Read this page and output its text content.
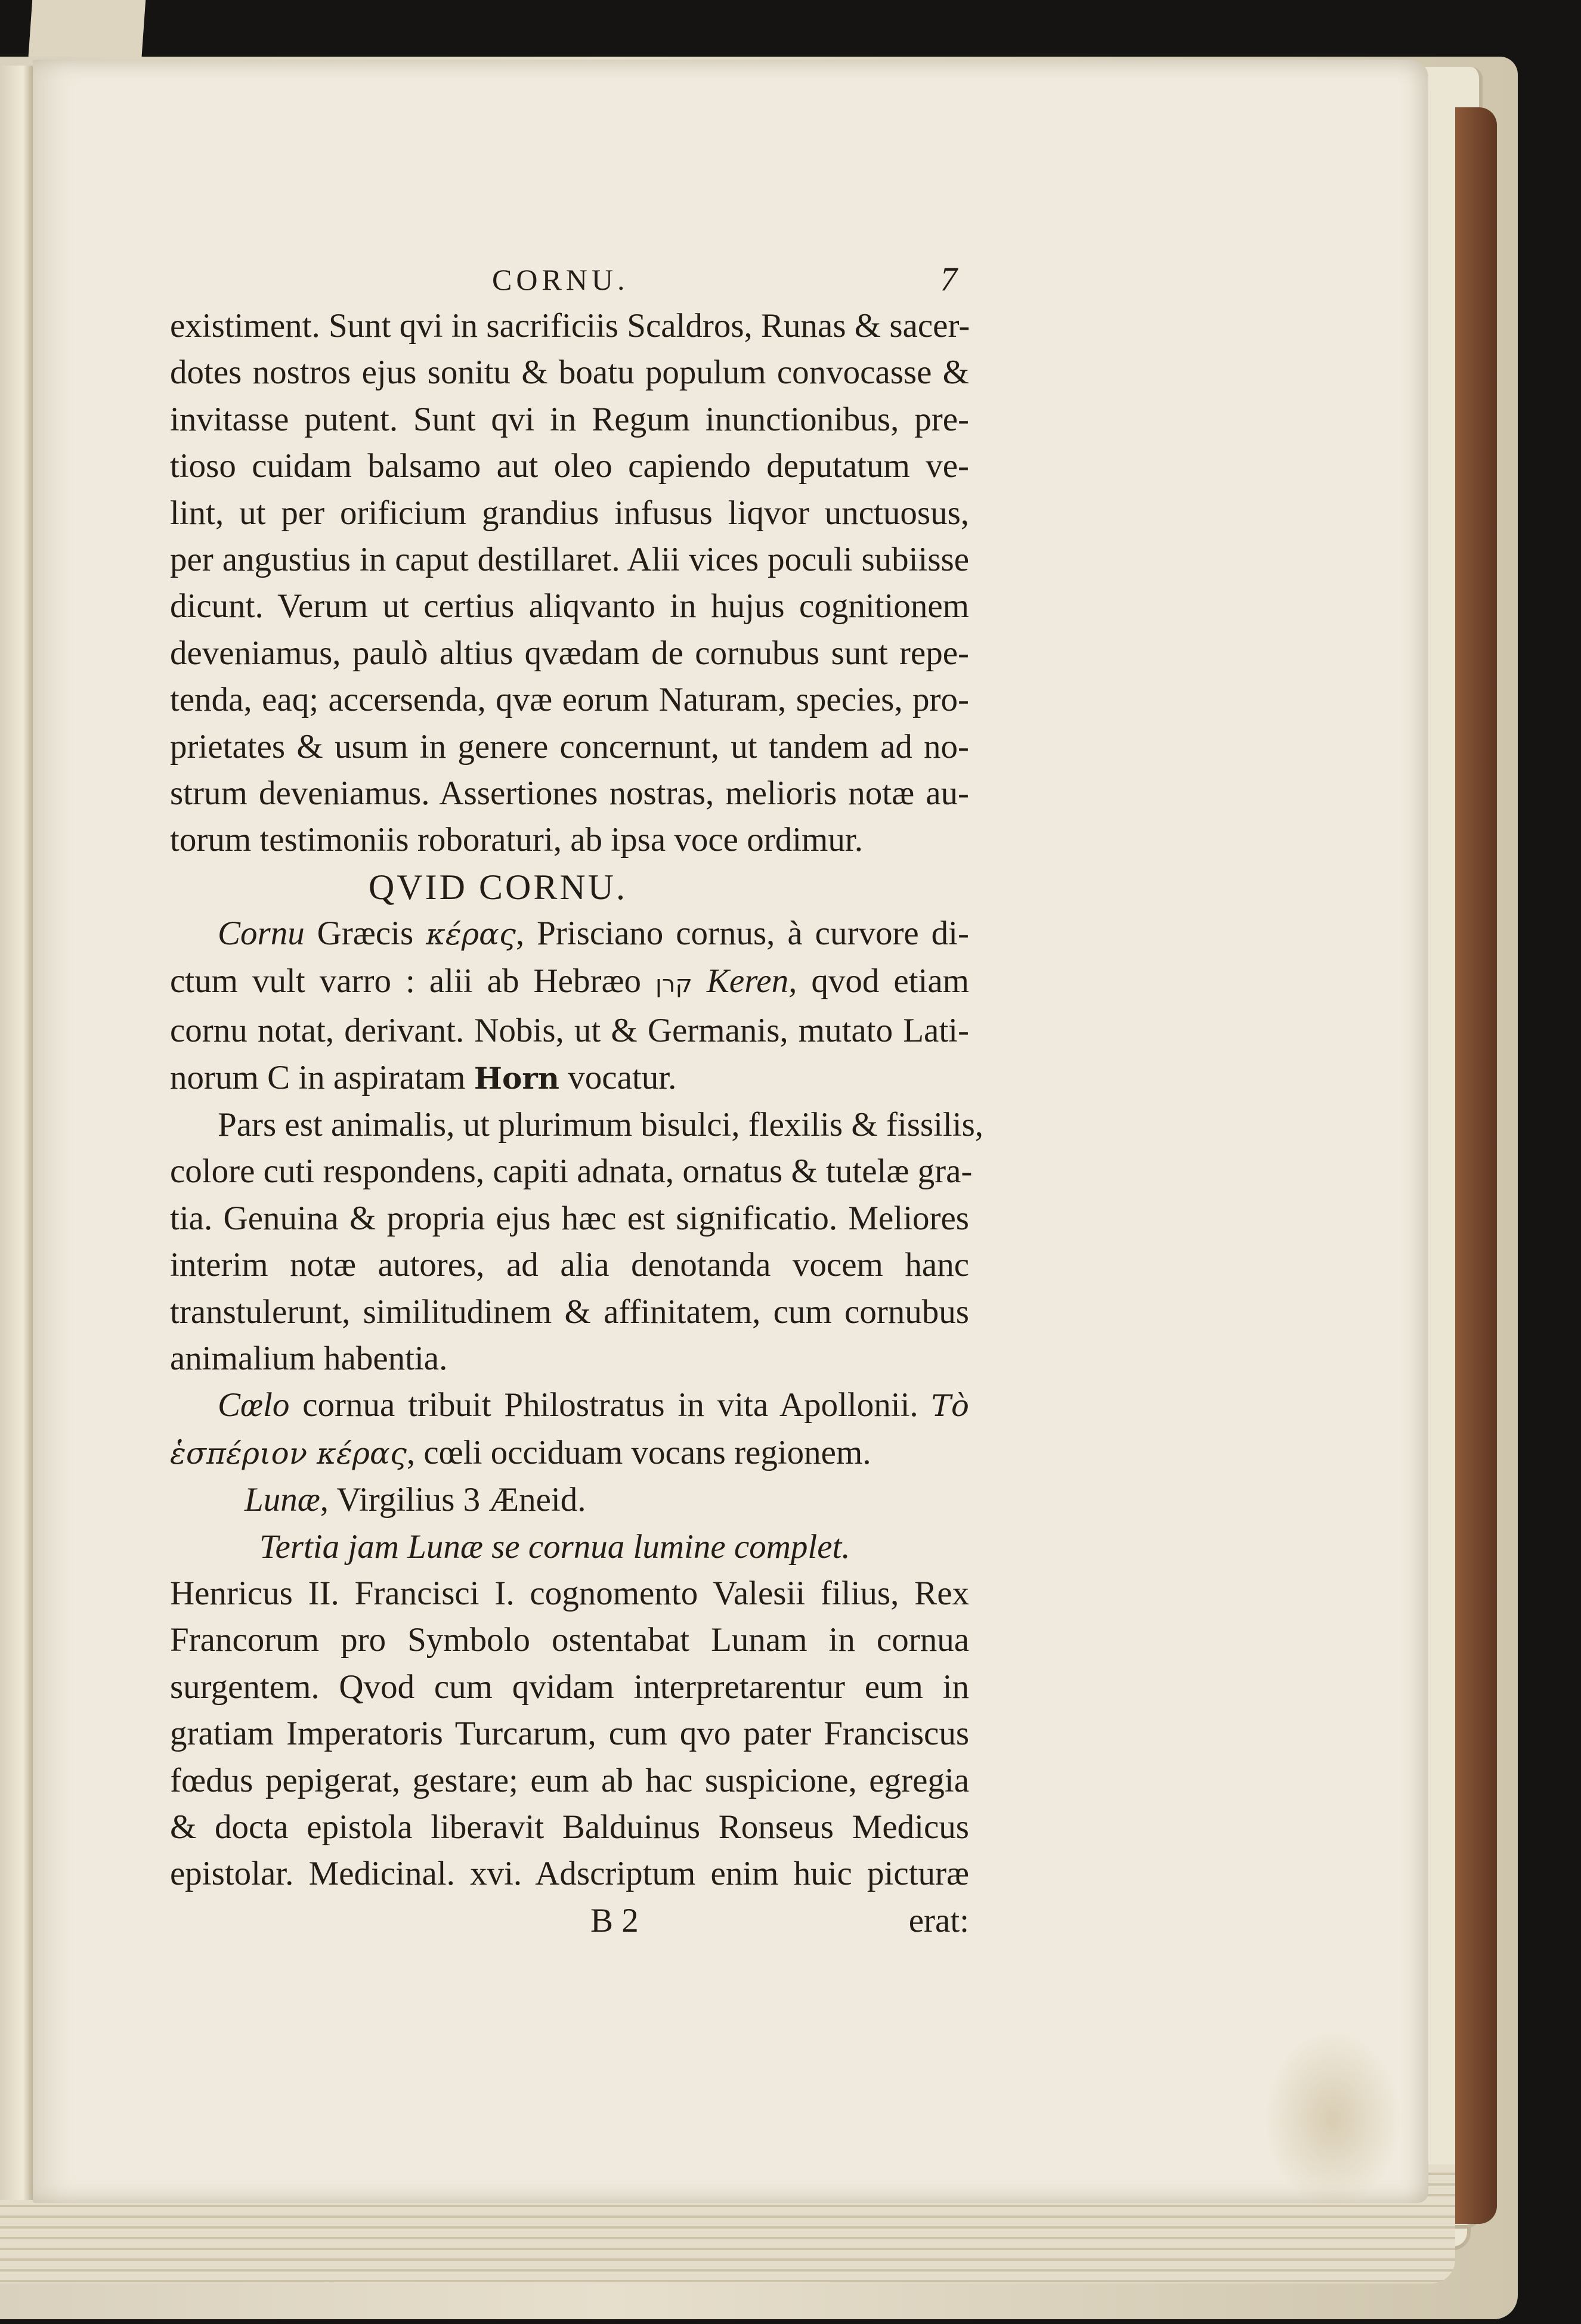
CORNU.	7
existiment. Sunt qvi in sacrificiis Scaldros, Runas & sacer-
dotes nostros ejus sonitu & boatu populum convocasse &
invitasse putent. Sunt qvi in Regum inunctionibus, pre-
tioso cuidam balsamo aut oleo capiendo deputatum ve-
lint, ut per orificium grandius infusus liqvor unctuosus,
per angustius in caput destillaret. Alii vices poculi subiisse
dicunt. Verum ut certius aliqvanto in hujus cognitionem
deveniamus, paulò altius qvædam de cornubus sunt repe-
tenda, eaq; accersenda, qvæ eorum Naturam, species, pro-
prietates & usum in genere concernunt, ut tandem ad no-
strum deveniamus. Assertiones nostras, melioris notæ au-
torum testimoniis roboraturi, ab ipsa voce ordimur.
QVID CORNU.
Cornu Græcis κέρας, Prisciano cornus, à curvore di-
ctum vult varro : alii ab Hebræo קרן Keren, qvod etiam
cornu notat, derivant. Nobis, ut & Germanis, mutato Lati-
norum C in aspiratam Horn vocatur.
Pars est animalis, ut plurimum bisulci, flexilis & fissilis,
colore cuti respondens, capiti adnata, ornatus & tutelæ gra-
tia. Genuina & propria ejus hæc est significatio. Meliores
interim notæ autores, ad alia denotanda vocem hanc
transtulerunt, similitudinem & affinitatem, cum cornubus
animalium habentia.
Cœlo cornua tribuit Philostratus in vita Apollonii. Τὸ
ἑσπέριον κέρας, cœli occiduam vocans regionem.
Lunæ, Virgilius 3 Æneid.
Tertia jam Lunæ se cornua lumine complet.
Henricus II. Francisci I. cognomento Valesii filius, Rex
Francorum pro Symbolo ostentabat Lunam in cornua
surgentem. Qvod cum qvidam interpretarentur eum in
gratiam Imperatoris Turcarum, cum qvo pater Franciscus
fœdus pepigerat, gestare; eum ab hac suspicione, egregia
& docta epistola liberavit Balduinus Ronseus Medicus
epistolar. Medicinal. xvi. Adscriptum enim huic picturæ
B 2	erat:
